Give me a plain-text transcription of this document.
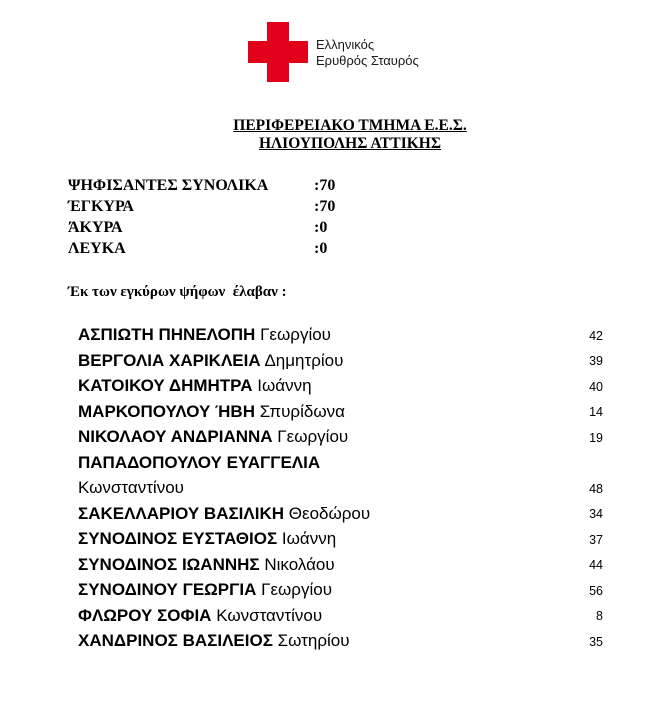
Ελληνικός
Ερυθρός Σταυρός
ΠΕΡΙΦΕΡΕΙΑΚΟ ΤΜΗΜΑ Ε.Ε.Σ.
ΗΛΙΟΥΠΟΛΗΣ ΑΤΤΙΚΗΣ
ΨΗΦΙΣΑΝΤΕΣ ΣΥΝΟΛΙΚΑ	:70
ΈΓΚΥΡΑ	:70
ΆΚΥΡΑ	:0
ΛΕΥΚΑ	:0
Έκ των εγκύρων ψήφων  έλαβαν :
ΑΣΠΙΩΤΗ ΠΗΝΕΛΟΠΗ Γεωργίου	42
ΒΕΡΓΟΛΙΑ ΧΑΡΙΚΛΕΙΑ Δημητρίου	39
ΚΑΤΟΙΚΟΥ ΔΗΜΗΤΡΑ Ιωάννη	40
ΜΑΡΚΟΠΟΥΛΟΥ ΉΒΗ Σπυρίδωνα	14
ΝΙΚΟΛΑΟΥ ΑΝΔΡΙΑΝΝΑ Γεωργίου	19
ΠΑΠΑΔΟΠΟΥΛΟΥ ΕΥΑΓΓΕΛΙΑ
Κωνσταντίνου	48
ΣΑΚΕΛΛΑΡΙΟΥ ΒΑΣΙΛΙΚΗ Θεοδώρου	34
ΣΥΝΟΔΙΝΟΣ ΕΥΣΤΑΘΙΟΣ Ιωάννη	37
ΣΥΝΟΔΙΝΟΣ ΙΩΑΝΝΗΣ Νικολάου	44
ΣΥΝΟΔΙΝΟΥ ΓΕΩΡΓΙΑ Γεωργίου	56
ΦΛΩΡΟΥ ΣΟΦΙΑ Κωνσταντίνου	8
ΧΑΝΔΡΙΝΟΣ ΒΑΣΙΛΕΙΟΣ Σωτηρίου	35
